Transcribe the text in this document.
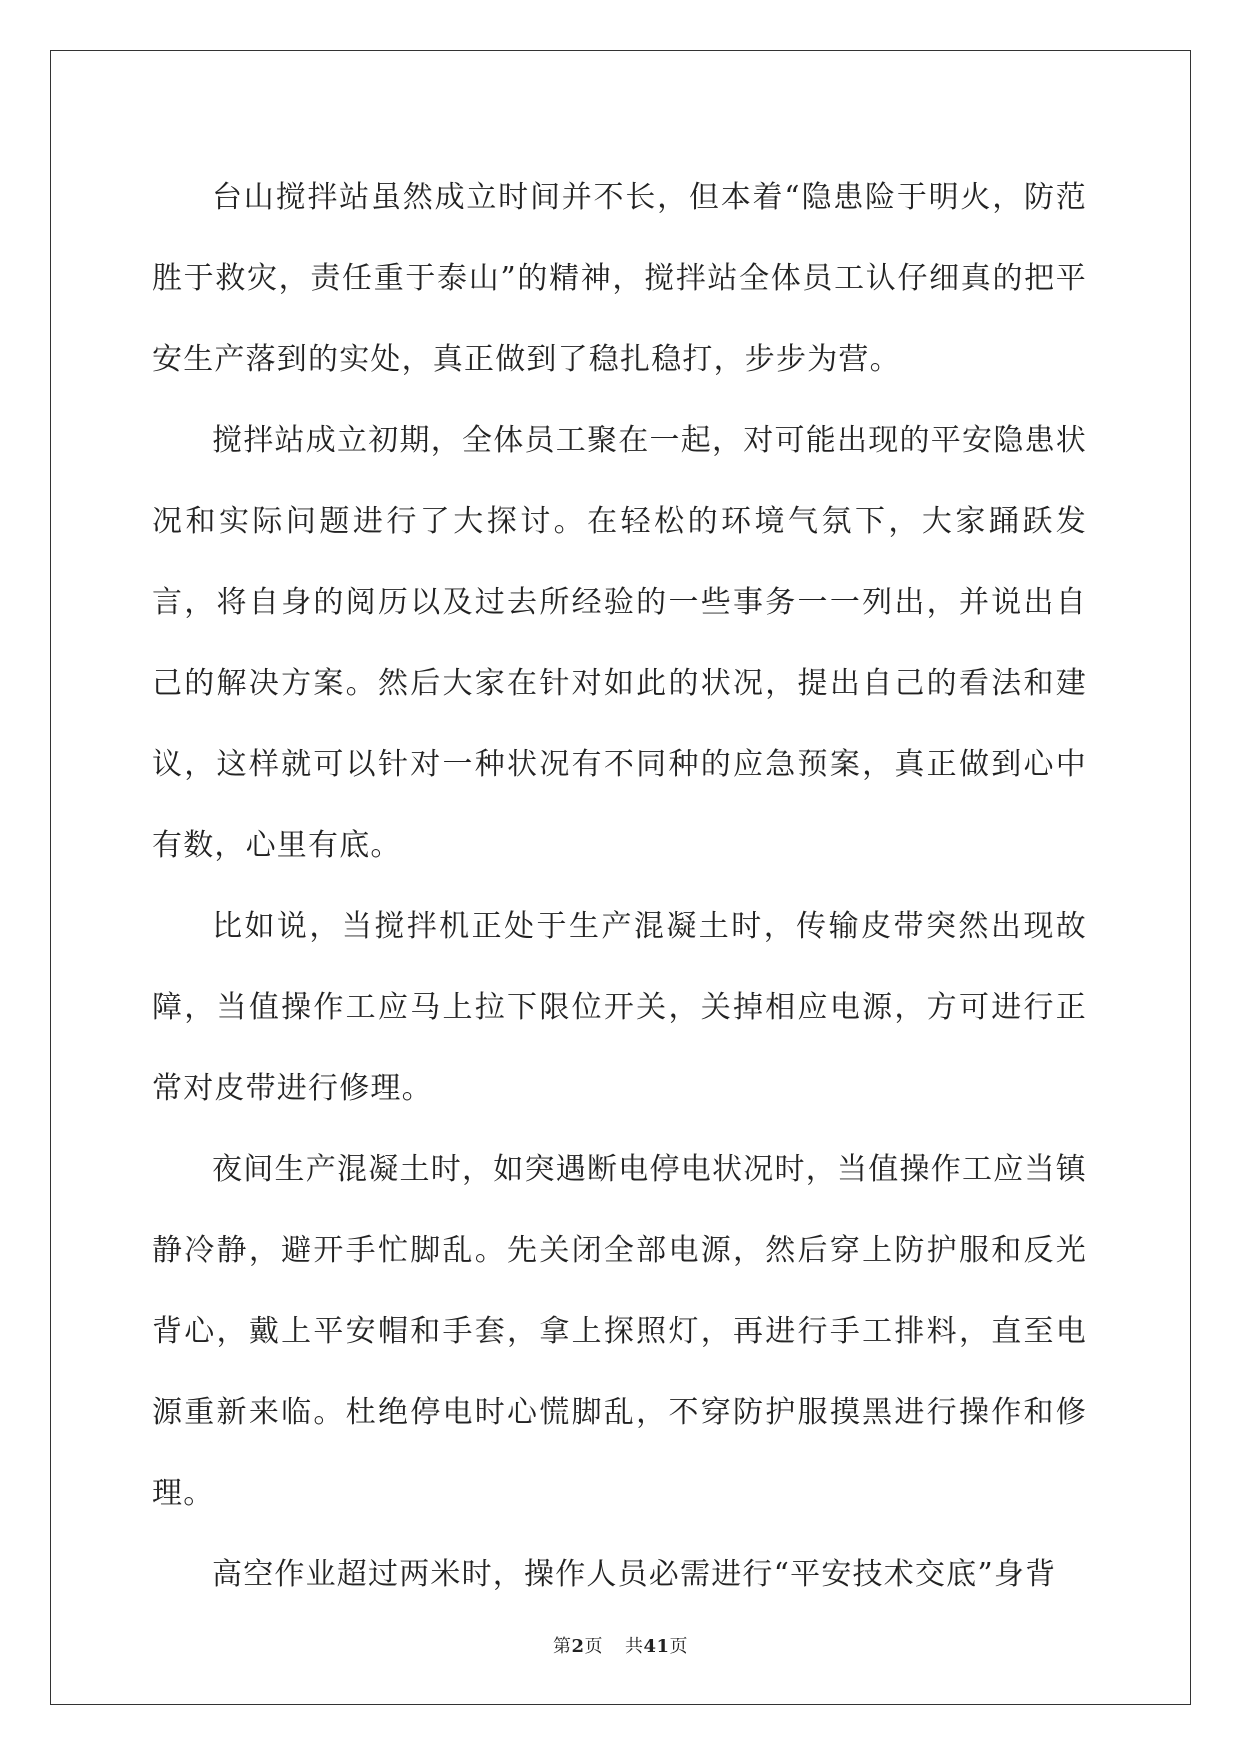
台山搅拌站虽然成立时间并不长，但本着“隐患险于明火，防范胜于救灾，责任重于泰山”的精神，搅拌站全体员工认仔细真的把平安生产落到的实处，真正做到了稳扎稳打，步步为营。

搅拌站成立初期，全体员工聚在一起，对可能出现的平安隐患状况和实际问题进行了大探讨。在轻松的环境气氛下，大家踊跃发言，将自身的阅历以及过去所经验的一些事务一一列出，并说出自己的解决方案。然后大家在针对如此的状况，提出自己的看法和建议，这样就可以针对一种状况有不同种的应急预案，真正做到心中有数，心里有底。

比如说，当搅拌机正处于生产混凝土时，传输皮带突然出现故障，当值操作工应马上拉下限位开关，关掉相应电源，方可进行正常对皮带进行修理。

夜间生产混凝土时，如突遇断电停电状况时，当值操作工应当镇静冷静，避开手忙脚乱。先关闭全部电源，然后穿上防护服和反光背心，戴上平安帽和手套，拿上探照灯，再进行手工排料，直至电源重新来临。杜绝停电时心慌脚乱，不穿防护服摸黑进行操作和修理。

高空作业超过两米时，操作人员必需进行“平安技术交底”身背

第2页 共41页
